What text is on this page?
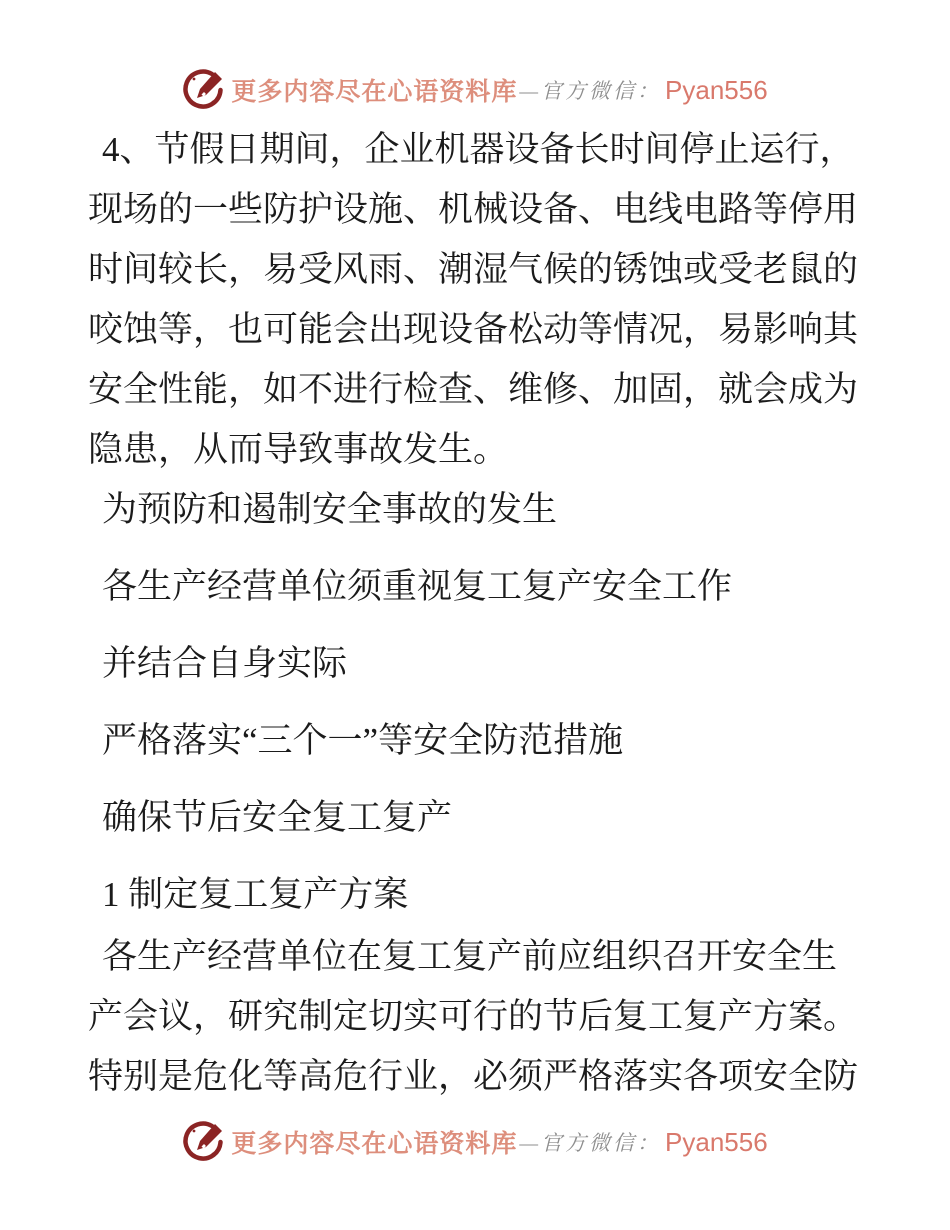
更多内容尽在心语资料库 —官方微信： Pyan556

4、节假日期间，企业机器设备长时间停止运行，
现场的一些防护设施、机械设备、电线电路等停用
时间较长，易受风雨、潮湿气候的锈蚀或受老鼠的
咬蚀等，也可能会出现设备松动等情况，易影响其
安全性能，如不进行检查、维修、加固，就会成为
隐患，从而导致事故发生。

为预防和遏制安全事故的发生

各生产经营单位须重视复工复产安全工作

并结合自身实际

严格落实“三个一”等安全防范措施

确保节后安全复工复产

1 制定复工复产方案

各生产经营单位在复工复产前应组织召开安全生
产会议，研究制定切实可行的节后复工复产方案。
特别是危化等高危行业，必须严格落实各项安全防

更多内容尽在心语资料库 —官方微信： Pyan556
